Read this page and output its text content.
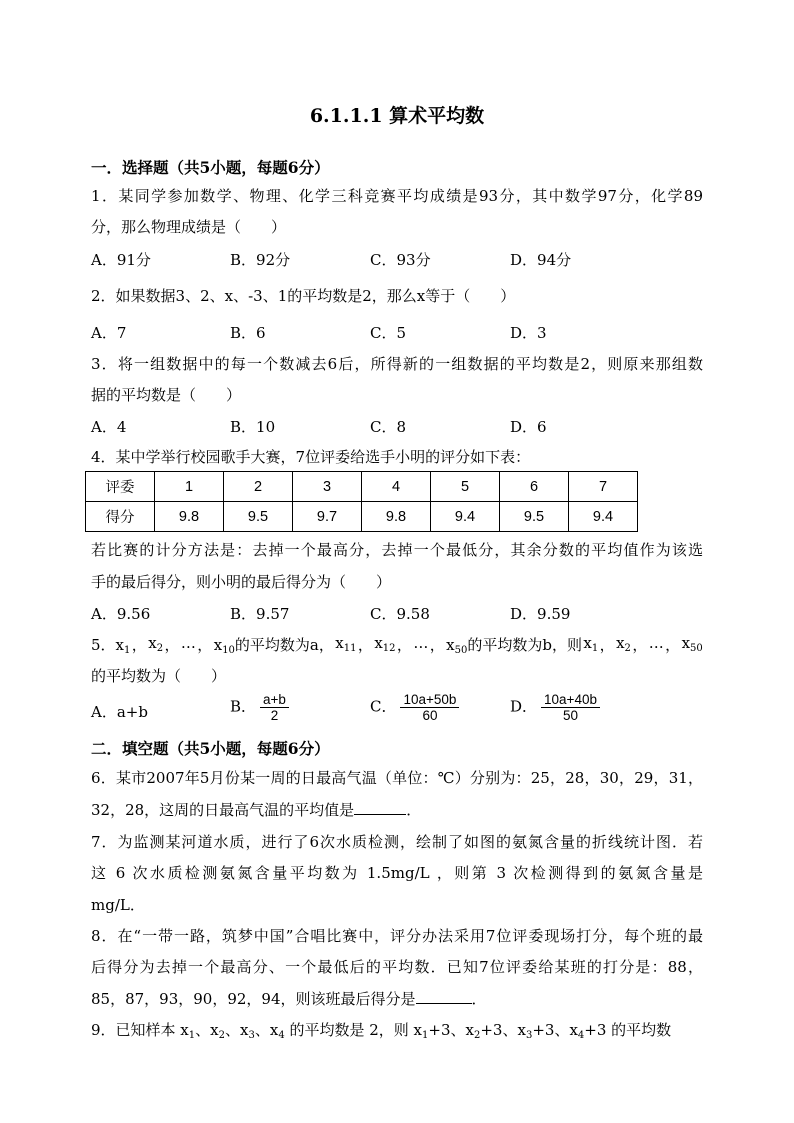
6.1.1.1 算术平均数
一．选择题（共5小题，每题6分）
1．某同学参加数学、物理、化学三科竞赛平均成绩是93分，其中数学97分，化学89
分，那么物理成绩是（　　）
A．91分	B．92分	C．93分	D．94分
2．如果数据3、2、x、-3、1的平均数是2，那么x等于（　　）
A．7	B．6	C．5	D．3
3．将一组数据中的每一个数减去6后，所得新的一组数据的平均数是2，则原来那组数
据的平均数是（　　）
A．4	B．10	C．8	D．6
4．某中学举行校园歌手大赛，7位评委给选手小明的评分如下表：
评委	1	2	3	4	5	6	7
得分	9.8	9.5	9.7	9.8	9.4	9.5	9.4
若比赛的计分方法是：去掉一个最高分，去掉一个最低分，其余分数的平均值作为该选
手的最后得分，则小明的最后得分为（　　）
A．9.56	B．9.57	C．9.58	D．9.59
5．$x_1$ ， $x_2$ ， … ， $x_{10}$的平均数为a， $x_{11}$ ， $x_{12}$ ， … ， $x_{50}$的平均数为b，则 $x_1$ ， $x_2$ ， … ， $x_{50}$
的平均数为（　　）
A．a+b	B． $\frac{a+b}{2}$	C． $\frac{10a+50b}{60}$	D． $\frac{10a+40b}{50}$
二．填空题（共5小题，每题6分）
6．某市2007年5月份某一周的日最高气温（单位：℃）分别为：25，28，30，29，31，
32，28，这周的日最高气温的平均值是	．
7．为监测某河道水质，进行了6次水质检测，绘制了如图的氨氮含量的折线统计图．若
这 6 次水质检测氨氮含量平均数为 1.5mg/L ，则第 3 次检测得到的氨氮含量是
mg/L．
8．在“一带一路，筑梦中国”合唱比赛中，评分办法采用7位评委现场打分，每个班的最
后得分为去掉一个最高分、一个最低后的平均数．已知7位评委给某班的打分是：88，
85，87，93，90，92，94，则该班最后得分是	．
9．已知样本 $x_1$、$x_2$、$x_3$、$x_4$ 的平均数是 2，则 $x_1+3$、$x_2+3$、$x_3+3$、$x_4+3$ 的平均数
